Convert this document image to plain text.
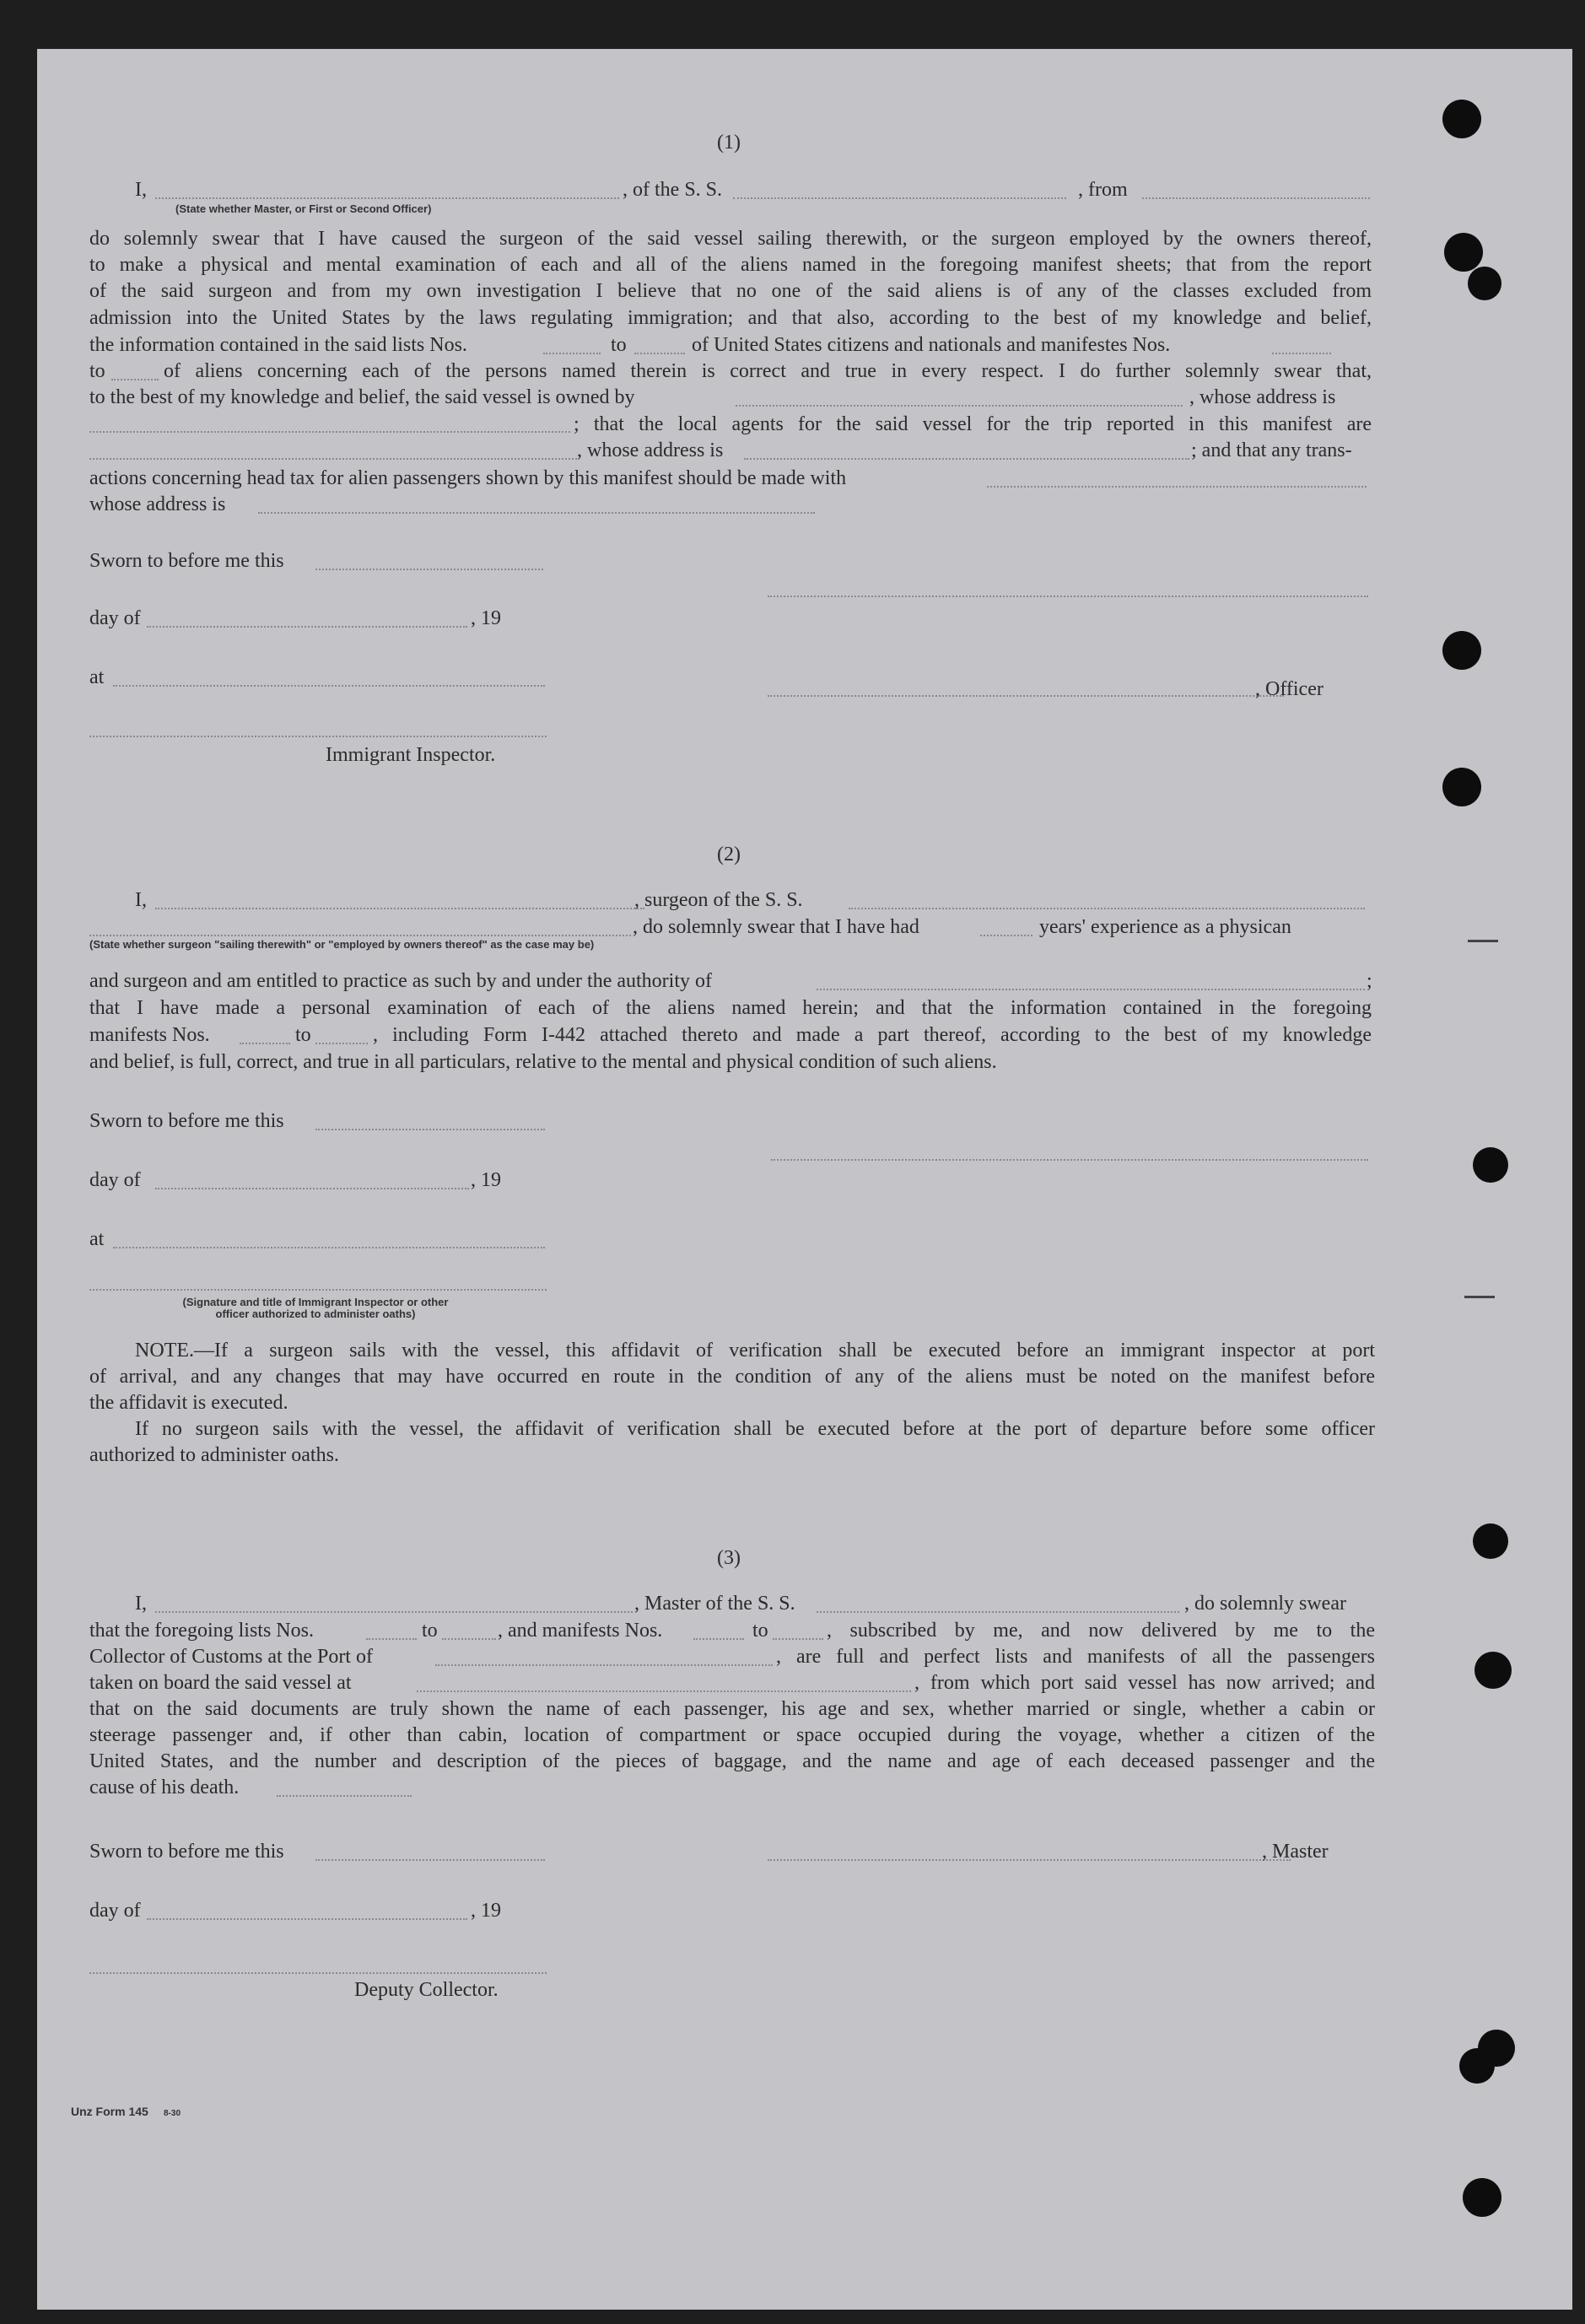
(1)
I,	, of the S. S.	, from
(State whether Master, or First or Second Officer)
do solemnly swear that I have caused the surgeon of the said vessel sailing therewith, or the surgeon employed by the owners thereof,
to make a physical and mental examination of each and all of the aliens named in the foregoing manifest sheets; that from the report
of the said surgeon and from my own investigation I believe that no one of the said aliens is of any of the classes excluded from
admission into the United States by the laws regulating immigration; and that also, according to the best of my knowledge and belief,
the information contained in the said lists Nos.	to	of United States citizens and nationals and manifestes Nos.
to	of aliens concerning each of the persons named therein is correct and true in every respect. I do further solemnly swear that,
to the best of my knowledge and belief, the said vessel is owned by	, whose address is
; that the local agents for the said vessel for the trip reported in this manifest are
, whose address is	; and that any trans-
actions concerning head tax for alien passengers shown by this manifest should be made with
whose address is
Sworn to before me this
day of	, 19
at
, Officer
Immigrant Inspector.
(2)
I,	, surgeon of the S. S.
, do solemnly swear that I have had	years' experience as a physican
(State whether surgeon "sailing therewith" or "employed by owners thereof" as the case may be)
and surgeon and am entitled to practice as such by and under the authority of	;
that I have made a personal examination of each of the aliens named herein; and that the information contained in the foregoing
manifests Nos.	to	, including Form I-442 attached thereto and made a part thereof, according to the best of my knowledge
and belief, is full, correct, and true in all particulars, relative to the mental and physical condition of such aliens.
Sworn to before me this
day of	, 19
at
(Signature and title of Immigrant Inspector or other
officer authorized to administer oaths)
NOTE.—If a surgeon sails with the vessel, this affidavit of verification shall be executed before an immigrant inspector at port
of arrival, and any changes that may have occurred en route in the condition of any of the aliens must be noted on the manifest before
the affidavit is executed.
If no surgeon sails with the vessel, the affidavit of verification shall be executed before at the port of departure before some officer
authorized to administer oaths.
(3)
I,	, Master of the S. S.	, do solemnly swear
that the foregoing lists Nos.	to	, and manifests Nos.	to	, subscribed by me, and now delivered by me to the
Collector of Customs at the Port of	, are full and perfect lists and manifests of all the passengers
taken on board the said vessel at	, from which port said vessel has now arrived; and
that on the said documents are truly shown the name of each passenger, his age and sex, whether married or single, whether a cabin or
steerage passenger and, if other than cabin, location of compartment or space occupied during the voyage, whether a citizen of the
United States, and the number and description of the pieces of baggage, and the name and age of each deceased passenger and the
cause of his death.
Sworn to before me this	, Master
day of	, 19
Deputy Collector.
Unz Form 145 8-30
